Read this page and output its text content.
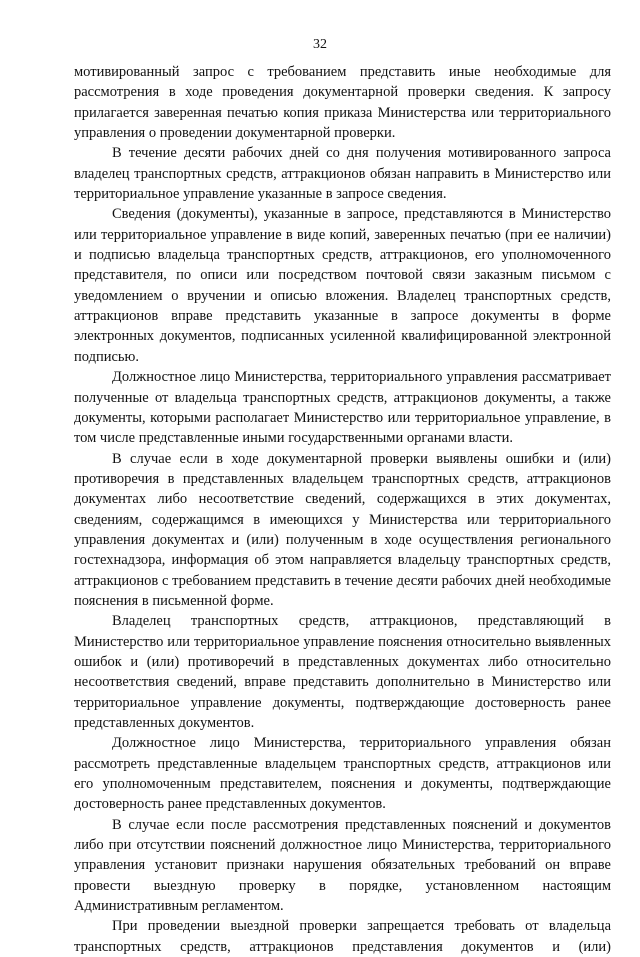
32

мотивированный запрос с требованием представить иные необходимые для рассмотрения в ходе проведения документарной проверки сведения. К запросу прилагается заверенная печатью копия приказа Министерства или территориального управления о проведении документарной проверки.

В течение десяти рабочих дней со дня получения мотивированного запроса владелец транспортных средств, аттракционов обязан направить в Министерство или территориальное управление указанные в запросе сведения.

Сведения (документы), указанные в запросе, представляются в Министерство или территориальное управление в виде копий, заверенных печатью (при ее наличии) и подписью владельца транспортных средств, аттракционов, его уполномоченного представителя, по описи или посредством почтовой связи заказным письмом с уведомлением о вручении и описью вложения. Владелец транспортных средств, аттракционов вправе представить указанные в запросе документы в форме электронных документов, подписанных усиленной квалифицированной электронной подписью.

Должностное лицо Министерства, территориального управления рассматривает полученные от владельца транспортных средств, аттракционов документы, а также документы, которыми располагает Министерство или территориальное управление, в том числе представленные иными государственными органами власти.

В случае если в ходе документарной проверки выявлены ошибки и (или) противоречия в представленных владельцем транспортных средств, аттракционов документах либо несоответствие сведений, содержащихся в этих документах, сведениям, содержащимся в имеющихся у Министерства или территориального управления документах и (или) полученным в ходе осуществления регионального гостехнадзора, информация об этом направляется владельцу транспортных средств, аттракционов с требованием представить в течение десяти рабочих дней необходимые пояснения в письменной форме.

Владелец транспортных средств, аттракционов, представляющий в Министерство или территориальное управление пояснения относительно выявленных ошибок и (или) противоречий в представленных документах либо относительно несоответствия сведений, вправе представить дополнительно в Министерство или территориальное управление документы, подтверждающие достоверность ранее представленных документов.

Должностное лицо Министерства, территориального управления обязан рассмотреть представленные владельцем транспортных средств, аттракционов или его уполномоченным представителем, пояснения и документы, подтверждающие достоверность ранее представленных документов.

В случае если после рассмотрения представленных пояснений и документов либо при отсутствии пояснений должностное лицо Министерства, территориального управления установит признаки нарушения обязательных требований он вправе провести выездную проверку в порядке, установленном настоящим Административным регламентом.

При проведении выездной проверки запрещается требовать от владельца транспортных средств, аттракционов представления документов и (или)
